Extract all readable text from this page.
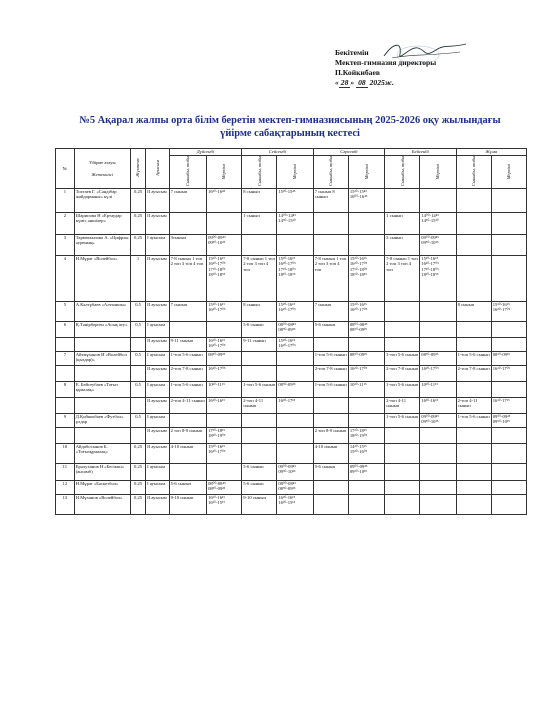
Бекітемін
Мектеп-гимназия директоры
П.Койкибаев
« 28 » 08 2025ж.
№5 Ақарал жалпы орта білім беретін мектеп-гимназиясының 2025-2026 оқу жылындағы үйірме сабақтарының кестесі
№	Үйірме атауы
Жетекшісі	Жүктеме	Ауысым	Дүйсенбі		Сейсенбі		Сәрсенбі		Бейсенбі		Жұма	
				Сыныбы, тобы	Мерзімі	Сыныбы, тобы	Мерзімі	Сыныбы, тобы	Мерзімі	Сыныбы, тобы	Мерзімі	Сыныбы, тобы	Мерзімі
1	Тохтаев Г. «Сәндібар жайдарманы» күлі	0,25	II ауысым	7 сынып	16³⁰-16⁴⁵	8 сынып	15³⁰-15⁴⁵	7 сынып 8 сынып	15³⁰-15⁴⁵ 16⁰⁰-16⁴⁵				
2	Шарипова Н «Ертаудар күміс әншілер»	0,25	II ауысым			1 сынып	14⁰⁰-14⁴⁵ 14⁵⁰-15³⁰			1 сынып	14⁰⁰-14⁴⁵ 14⁵⁰-15³⁰		
3	Тарматкызова А. «Цифрлы әуреның»	0,25	I ауысым	3сынып	09⁰⁰-09⁴⁵ 09⁵⁰-10³⁵					3 сынып	09⁰⁰-09⁴⁵ 09⁵⁰-10³⁵		
4	Н.Мұрат «Волейбол»	1	II ауысым	7-8 сынып 1 топ 2 топ 3 топ 4 топ	15³⁰-16¹⁵ 16²⁰-17⁰⁵ 17¹⁰-18⁰⁵ 18¹⁰-18⁵⁵	7-8 сынып 1 топ 2 топ 3 топ 4 топ	15³⁰-16¹⁵ 16²⁰-17⁰⁵ 17¹⁰-18⁰⁵ 18¹⁰-18⁵⁵	7-8 сынып 1 топ 2 топ 3 топ 4 топ	15³⁰-16¹⁵ 16²⁰-17⁰⁵ 17¹⁰-18⁰⁵ 18¹⁰-18⁵⁵	7-8 сынып 1 топ 2 топ 3 топ 4 топ	15³⁰-16¹⁵ 16²⁰-17⁰⁵ 17¹⁰-18⁰⁵ 18¹⁰-18⁵⁵		
5	А.Кәлтұбаев «Алтыншы»	0,5	II ауысым	7 сынып	15³⁰-16¹⁵ 16²⁰-17⁰⁵	8 сынып	15³⁰-16¹⁵ 16²⁰-17⁰⁵	7 сынып	15³⁰-16¹⁵ 16²⁰-17⁰⁵			8 сынып	15³⁰-16¹⁵ 16²⁰-17⁰⁵
6	Қ.Тәнірберген «Асық ату»	0,5	I ауысым			5-6 сынып	08⁰⁰-08⁴⁵ 08⁵⁰-09³⁵	5-6 сынып	08⁰⁰-08⁴⁵ 08⁵⁰-09³⁵				
			II ауысым	9-11 сынып	16³⁰-16¹⁵ 16²⁰-17⁰⁵	9-11 сынып	15³⁰-16¹⁵ 16²⁰-17⁰⁵						
7	Айтмұханов И «Волейбол (қыздар)»	0,5	I ауысым	1-топ 5-6 сынып	08⁵⁰-09³⁵			1-топ 5-6 сынып	08⁵⁰-09³⁵	1-топ 5-6 сынып	08⁵⁰-09³⁵	1-топ 5-6 сынып	08⁵⁰-09³⁵
			II ауысым	2-топ 7-8 сынып	16²⁰-17⁰⁵			2-топ 7-8 сынып	16²⁰-17⁰⁵	2-топ 7-8 сынып	16²⁰-17⁰⁵	2-топ 7-8 сынып	16²⁰-17⁰⁵
8	Е. Бейсеубаев «Тоғыз құмалақ»	0,5	I ауысым	1-топ 5-6 сынып	10³⁰-11¹⁵	1-топ 5-6 сынып	08⁵⁰-09³⁵	1-топ 5-6 сынып	10³⁰-11¹⁵	1-топ 5-6 сынып	10³⁰-11¹⁵		
			II ауысым	2-топ 4-11 сынып	16³⁰-16¹⁵	2-топ 4-11 сынып	16³⁰-17¹⁵			2-топ 4-11 сынып	16³⁰-16¹⁵	2-топ 4-11 сынып	16³⁰-17¹⁵
9	Д.Қойшыбаев «Футбол» ұлдар	0,5	I ауысым							1-топ 5-6 сынып	09⁰⁰-09⁴⁵ 09⁵⁰-10³⁵	1-топ 5-6 сынып	09⁰⁰-09⁴⁵ 09⁵⁰-10³⁵
			II ауысым	2 топ 8-9 сынып	17³⁰-18¹⁵ 18²⁰-19⁰⁵			2 топ 8-9 сынып	17³⁰-18¹⁵ 18²⁰-19⁰⁵				
10	Айдабосынов Б. «Тоғызқұмалақ»	0,25	II ауысым	4-10 сынып	15³⁰-16¹⁵ 16²⁰-17⁰⁵			4-10 сынып	14³⁰-15¹⁵ 15²⁰-16⁰⁵				
11	Ерәлуханов Н «Бесікші» (ансамб)	0,25	I ауысым			5-6 сынып	09⁰⁰-09⁴⁵ 09⁵⁰-10³⁵	5-6 сынып	09⁰⁰-09⁴⁵ 09⁵⁰-10³⁵				
12	Н.Мұрат «Баскетбол»	0,25	I ауысым	5-6 сынып	08⁰⁰-08⁴⁵ 08⁵⁰-09³⁵	5-6 сынып	08⁰⁰-08⁴⁵ 08⁵⁰-09³⁵						
13	Н.Мұханов «Волейбол»	0,25	II ауысым	9-10 сынып	16³⁰-16¹⁵ 16²⁰-15¹⁵	9-10 сынып	16³⁰-16¹⁵ 16²⁰-15¹⁵						
